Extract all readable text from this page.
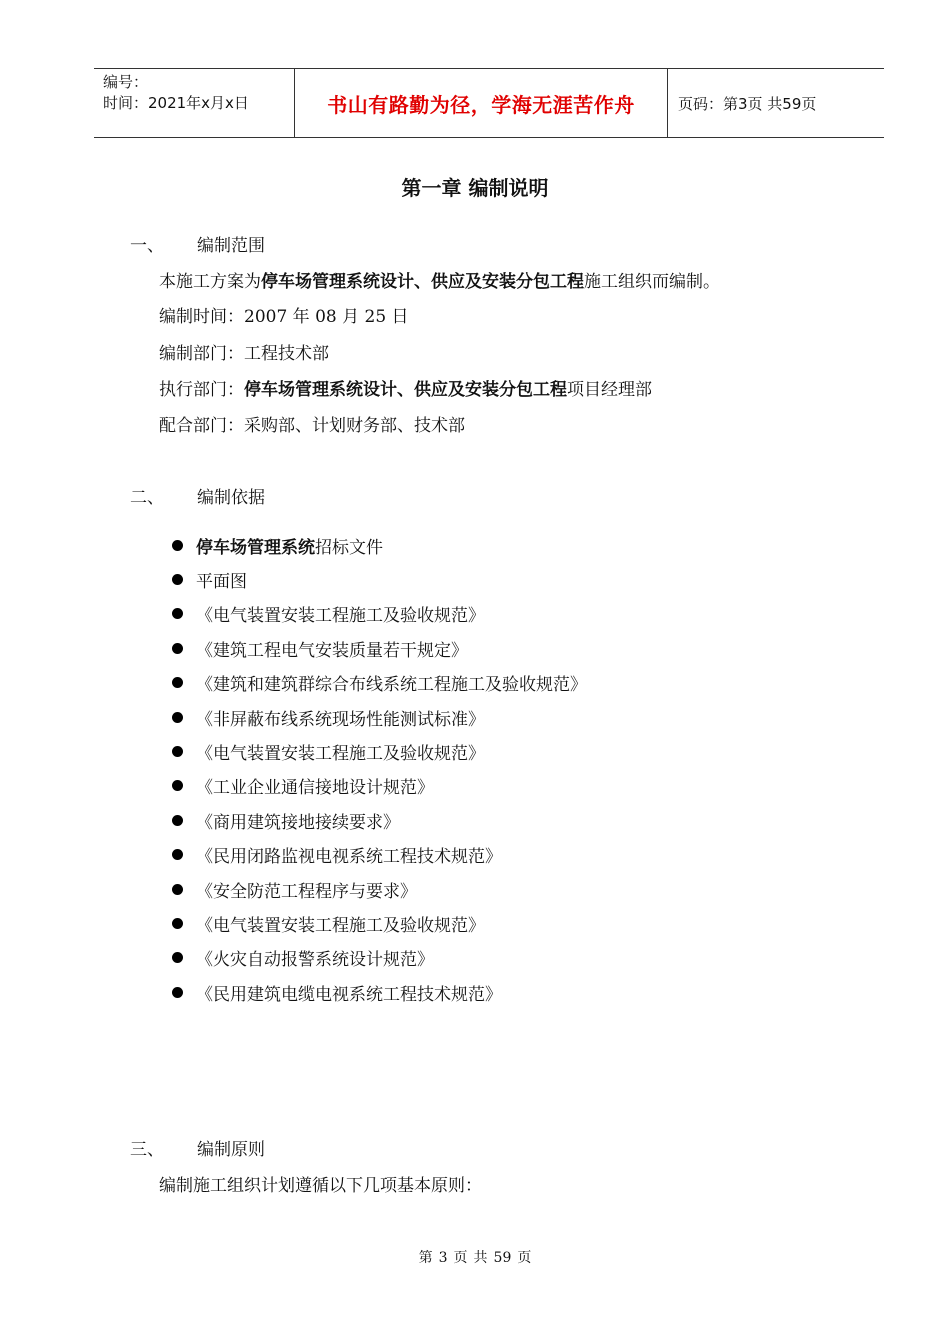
编号：
时间：2021年x月x日	书山有路勤为径，学海无涯苦作舟	页码：第3页 共59页
第一章 编制说明
一、 编制范围
本施工方案为停车场管理系统设计、供应及安装分包工程施工组织而编制。
编制时间：2007 年 08 月 25 日
编制部门：工程技术部
执行部门：停车场管理系统设计、供应及安装分包工程项目经理部
配合部门：采购部、计划财务部、技术部
二、 编制依据
停车场管理系统 招标文件
平面图
《电气装置安装工程施工及验收规范》
《建筑工程电气安装质量若干规定》
《建筑和建筑群综合布线系统工程施工及验收规范》
《非屏蔽布线系统现场性能测试标准》
《电气装置安装工程施工及验收规范》
《工业企业通信接地设计规范》
《商用建筑接地接续要求》
《民用闭路监视电视系统工程技术规范》
《安全防范工程程序与要求》
《电气装置安装工程施工及验收规范》
《火灾自动报警系统设计规范》
《民用建筑电缆电视系统工程技术规范》
三、 编制原则
编制施工组织计划遵循以下几项基本原则：
第 3 页 共 59 页
